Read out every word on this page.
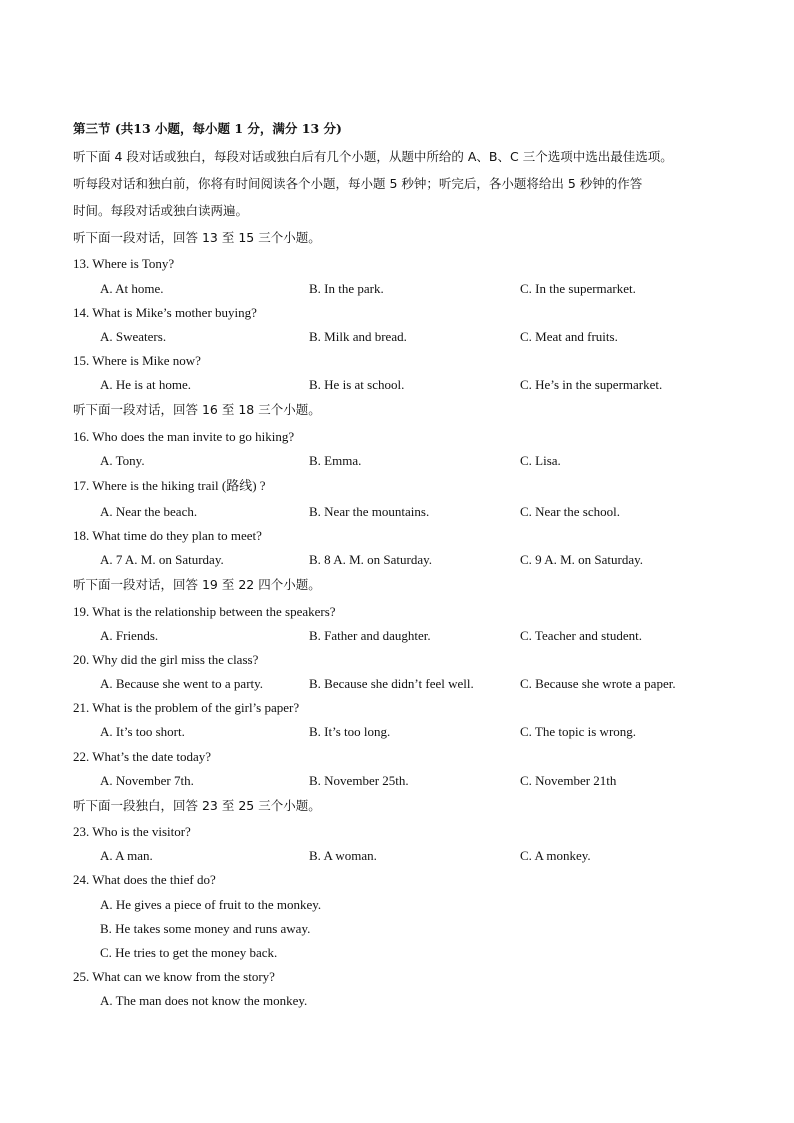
第三节 (共13 小题，每小题 1 分，满分 13 分)
听下面 4 段对话或独白，每段对话或独白后有几个小题，从题中所给的 A、B、C 三个选项中选出最佳选项。
听每段对话和独白前，你将有时间阅读各个小题，每小题 5 秒钟；听完后，各小题将给出 5 秒钟的作答
时间。每段对话或独白读两遍。
听下面一段对话，回答 13 至 15 三个小题。
13. Where is Tony?
A. At home.	B. In the park.	C. In the supermarket.
14. What is Mike’s mother buying?
A. Sweaters.	B. Milk and bread.	C. Meat and fruits.
15. Where is Mike now?
A. He is at home.	B. He is at school.	C. He’s in the supermarket.
听下面一段对话，回答 16 至 18 三个小题。
16. Who does the man invite to go hiking?
A. Tony.	B. Emma.	C. Lisa.
17. Where is the hiking trail (路线) ?
A. Near the beach.	B. Near the mountains.	C. Near the school.
18. What time do they plan to meet?
A. 7 A. M. on Saturday.	B. 8 A. M. on Saturday.	C. 9 A. M. on Saturday.
听下面一段对话，回答 19 至 22 四个小题。
19. What is the relationship between the speakers?
A. Friends.	B. Father and daughter.	C. Teacher and student.
20. Why did the girl miss the class?
A. Because she went to a party.	B. Because she didn’t feel well.	C. Because she wrote a paper.
21. What is the problem of the girl’s paper?
A. It’s too short.	B. It’s too long.	C. The topic is wrong.
22. What’s the date today?
A. November 7th.	B. November 25th.	C. November 21th
听下面一段独白，回答 23 至 25 三个小题。
23. Who is the visitor?
A. A man.	B. A woman.	C. A monkey.
24. What does the thief do?
A. He gives a piece of fruit to the monkey.
B. He takes some money and runs away.
C. He tries to get the money back.
25. What can we know from the story?
A. The man does not know the monkey.
